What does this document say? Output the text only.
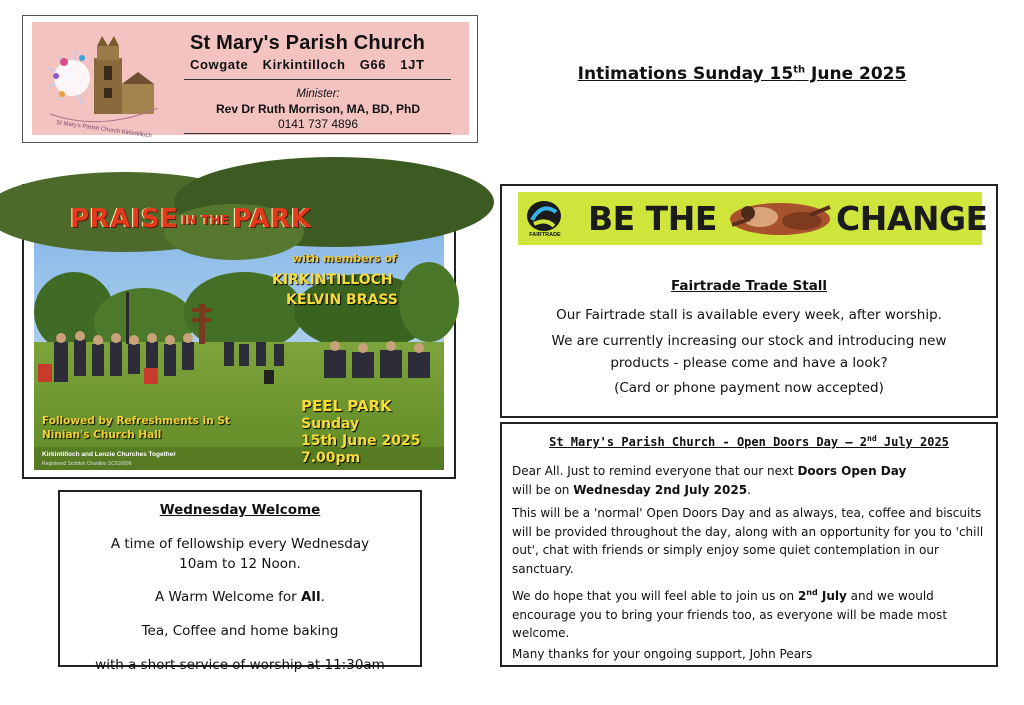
St Mary's Parish Church Kirkintilloch
St Mary's Parish Church
Cowgate Kirkintilloch G66 1JT
Minister:
Rev Dr Ruth Morrison, MA, BD, PhD
0141 737 4896
Intimations Sunday 15th June 2025
PRAISE IN THE PARK
with members of
KIRKINTILLOCH
KELVIN BRASS
Followed by Refreshments in St Ninian's Church Hall
PEEL PARK
Sunday
15th June 2025
7.00pm
Kirkintilloch and Lenzie Churches Together
Registered Scottish Charities SC016896
Wednesday Welcome
A time of fellowship every Wednesday
10am to 12 Noon.
A Warm Welcome for All.
Tea, Coffee and home baking
with a short service of worship at 11:30am
FAIRTRADE BE THE	CHANGE
Fairtrade Trade Stall
Our Fairtrade stall is available every week, after worship.
We are currently increasing our stock and introducing new products - please come and have a look?
(Card or phone payment now accepted)
St Mary's Parish Church - Open Doors Day – 2nd July 2025
Dear All. Just to remind everyone that our next Doors Open Day
will be on Wednesday 2nd July 2025.
This will be a 'normal' Open Doors Day and as always, tea, coffee and biscuits will be provided throughout the day, along with an opportunity for you to 'chill out', chat with friends or simply enjoy some quiet contemplation in our sanctuary.
We do hope that you will feel able to join us on 2nd July and we would encourage you to bring your friends too, as everyone will be made most welcome.
Many thanks for your ongoing support, John Pears
